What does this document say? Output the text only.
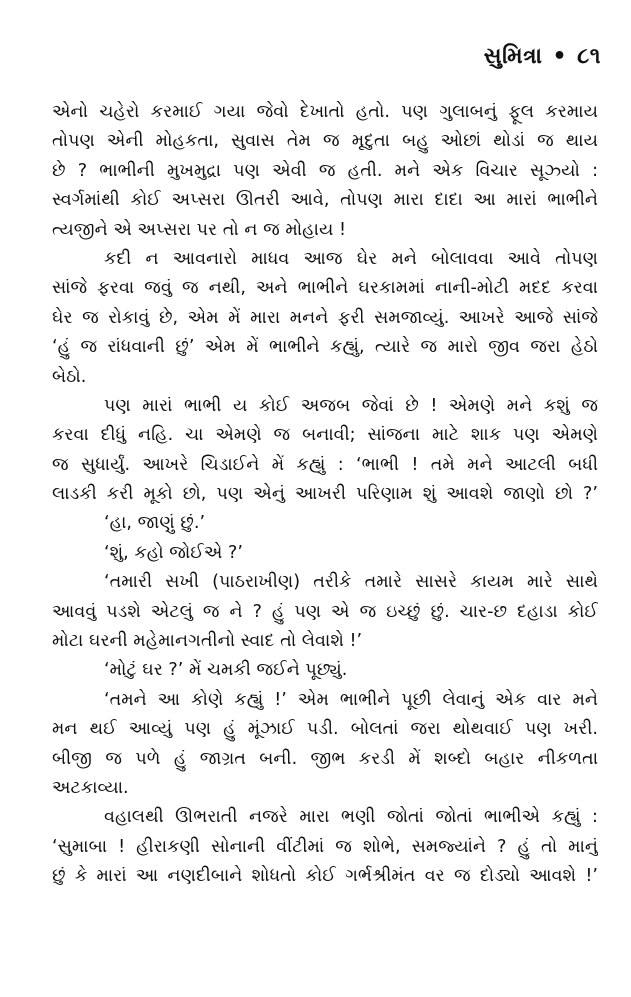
સુમિત્રા • ૮૧
એનો ચહેરો કરમાઈ ગયા જેવો દેખાતો હતો. પણ ગુલાબનું ફૂલ કરમાય
તોપણ એની મોહકતા, સુવાસ તેમ જ મૃદુતા બહુ ઓછાં થોડાં જ થાય
છે ? ભાભીની મુખમુદ્રા પણ એવી જ હતી. મને એક વિચાર સૂઝ્યો :
સ્વર્ગમાંથી કોઈ અપ્સરા ઊતરી આવે, તોપણ મારા દાદા આ મારાં ભાભીને
ત્યજીને એ અપ્સરા પર તો ન જ મોહાય !
કદી ન આવનારો માધવ આજ ઘેર મને બોલાવવા આવે તોપણ
સાંજે ફરવા જવું જ નથી, અને ભાભીને ઘરકામમાં નાની-મોટી મદદ કરવા
ઘેર જ રોકાવું છે, એમ મેં મારા મનને ફરી સમજાવ્યું. આખરે આજે સાંજે
‘હું જ રાંધવાની છું’ એમ મેં ભાભીને કહ્યું, ત્યારે જ મારો જીવ જરા હેઠો
બેઠો.
પણ મારાં ભાભી ય કોઈ અજબ જેવાં છે ! એમણે મને કશું જ
કરવા દીધું નહિ. ચા એમણે જ બનાવી; સાંજના માટે શાક પણ એમણે
જ સુધાર્યું. આખરે ચિડાઈને મેં કહ્યું : ‘ભાભી ! તમે મને આટલી બધી
લાડકી કરી મૂકો છો, પણ એનું આખરી પરિણામ શું આવશે જાણો છો ?’
‘હા, જાણું છું.’
‘શું, કહો જોઈએ ?’
‘તમારી સખી (પાઠરાખીણ) તરીકે તમારે સાસરે કાયમ મારે સાથે
આવવું પડશે એટલું જ ને ? હું પણ એ જ ઇચ્છું છું. ચાર-છ દહાડા કોઈ
મોટા ઘરની મહેમાનગતીનો સ્વાદ તો લેવાશે !’
‘મોટું ઘર ?’ મેં ચમકી જઈને પૂછ્યું.
‘તમને આ કોણે કહ્યું !’ એમ ભાભીને પૂછી લેવાનું એક વાર મને
મન થઈ આવ્યું પણ હું મૂંઝાઈ પડી. બોલતાં જરા થોથવાઈ પણ ખરી.
બીજી જ પળે હું જાગ્રત બની. જીભ કરડી મેં શબ્દો બહાર નીકળતા
અટકાવ્યા.
વહાલથી ઊભરાતી નજરે મારા ભણી જોતાં જોતાં ભાભીએ કહ્યું :
‘સુમાબા ! હીરાકણી સોનાની વીંટીમાં જ શોભે, સમજ્યાંને ? હું તો માનું
છું કે મારાં આ નણદીબાને શોધતો કોઈ ગર્ભશ્રીમંત વર જ દોડ્યો આવશે !’
